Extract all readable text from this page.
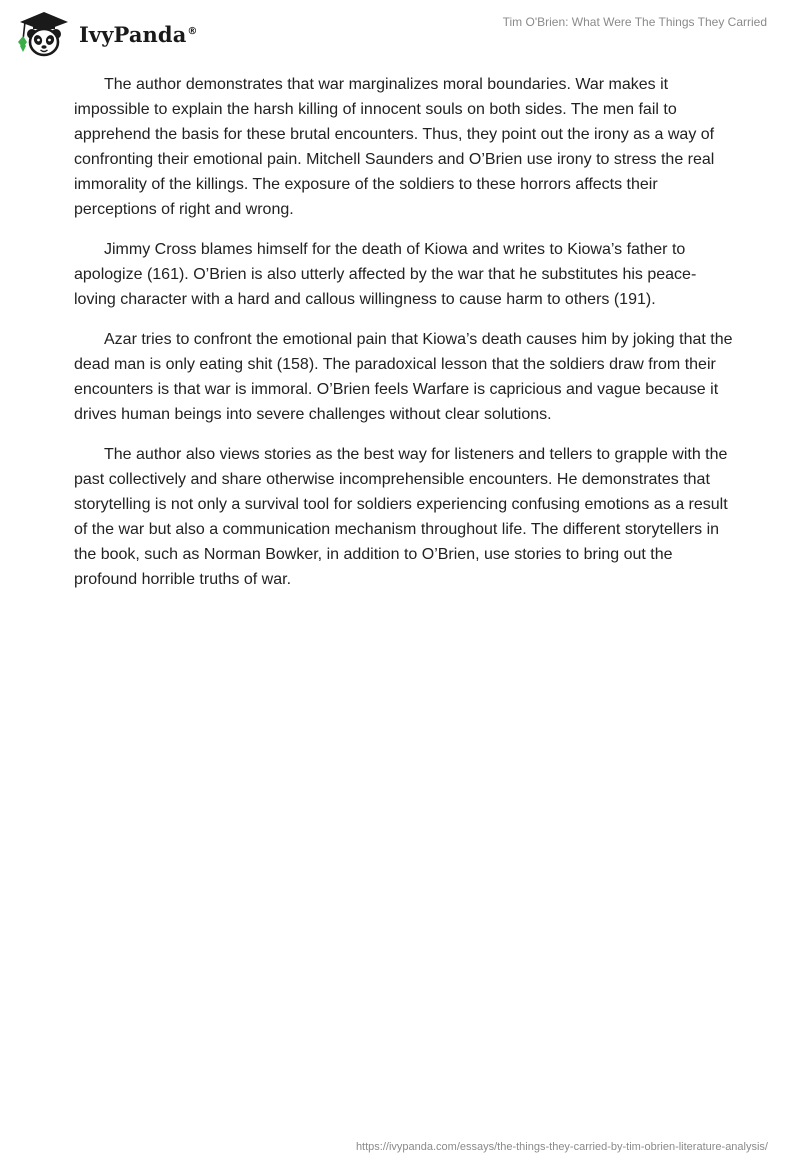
IvyPanda®
Tim O'Brien: What Were The Things They Carried

The author demonstrates that war marginalizes moral boundaries. War makes it impossible to explain the harsh killing of innocent souls on both sides. The men fail to apprehend the basis for these brutal encounters. Thus, they point out the irony as a way of confronting their emotional pain. Mitchell Saunders and O’Brien use irony to stress the real immorality of the killings. The exposure of the soldiers to these horrors affects their perceptions of right and wrong.

Jimmy Cross blames himself for the death of Kiowa and writes to Kiowa’s father to apologize (161). O’Brien is also utterly affected by the war that he substitutes his peace-loving character with a hard and callous willingness to cause harm to others (191).

Azar tries to confront the emotional pain that Kiowa’s death causes him by joking that the dead man is only eating shit (158). The paradoxical lesson that the soldiers draw from their encounters is that war is immoral. O’Brien feels Warfare is capricious and vague because it drives human beings into severe challenges without clear solutions.

The author also views stories as the best way for listeners and tellers to grapple with the past collectively and share otherwise incomprehensible encounters. He demonstrates that storytelling is not only a survival tool for soldiers experiencing confusing emotions as a result of the war but also a communication mechanism throughout life. The different storytellers in the book, such as Norman Bowker, in addition to O’Brien, use stories to bring out the profound horrible truths of war.

https://ivypanda.com/essays/the-things-they-carried-by-tim-obrien-literature-analysis/
